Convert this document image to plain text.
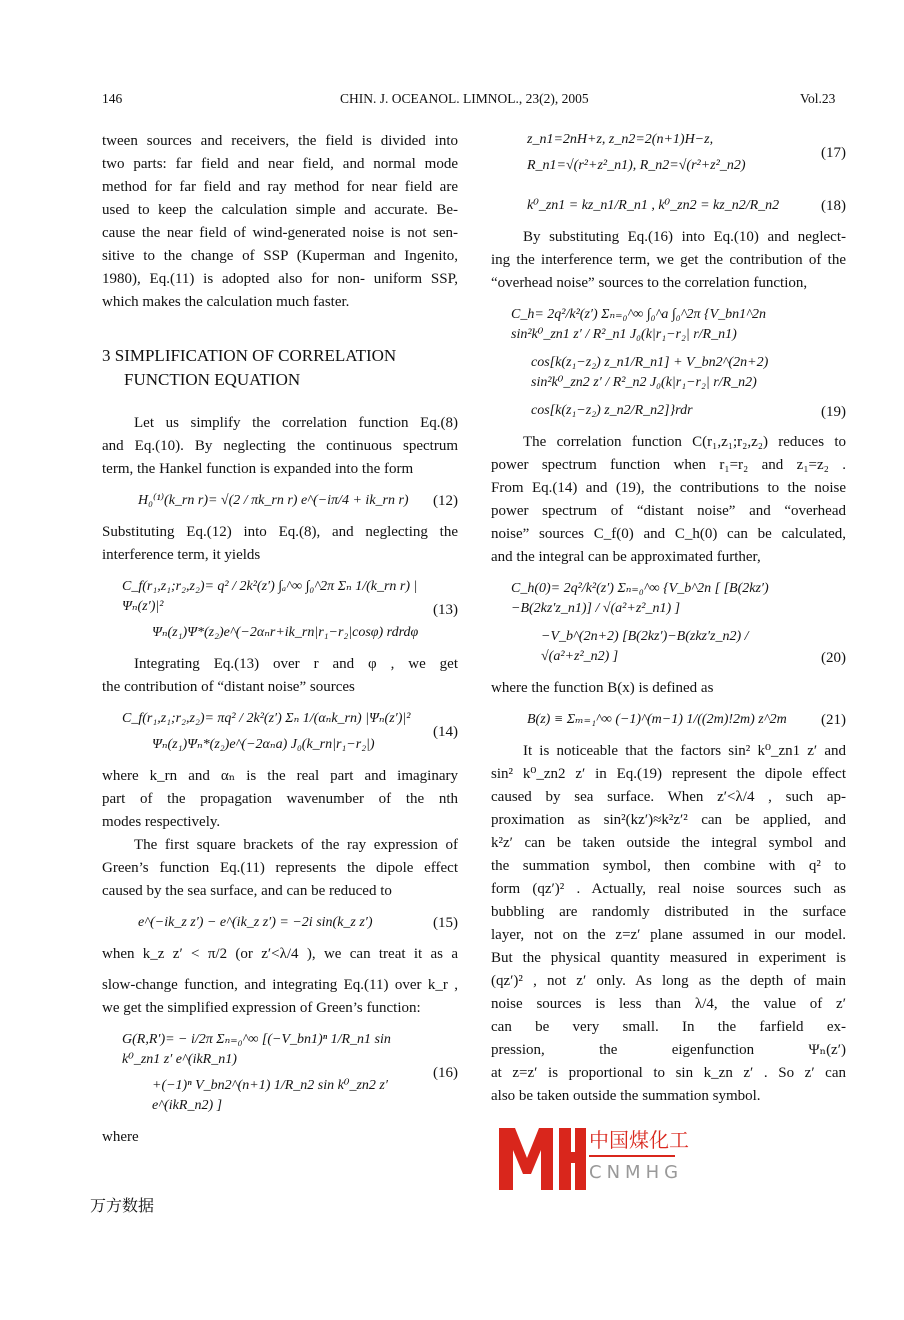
146	CHIN. J. OCEANOL. LIMNOL., 23(2), 2005	Vol.23
tween sources and receivers, the field is divided into
two parts: far field and near field, and normal mode
method for far field and ray method for near field are
used to keep the calculation simple and accurate. Be-
cause the near field of wind-generated noise is not sen-
sitive to the change of SSP (Kuperman and Ingenito,
1980), Eq.(11) is adopted also for non- uniform SSP,
which makes the calculation much faster.
3 SIMPLIFICATION OF CORRELATION
FUNCTION EQUATION
Let us simplify the correlation function Eq.(8)
and Eq.(10). By neglecting the continuous spectrum
term, the Hankel function is expanded into the form
H₀⁽¹⁾(k_rn r)= √(2 / πk_rn r) e^(−iπ/4 + ik_rn r)	(12)
Substituting Eq.(12) into Eq.(8), and neglecting the
interference term, it yields
C_f(r₁,z₁;r₂,z₂)= q² / 2k²(z′) ∫ₐ^∞ ∫₀^2π Σₙ 1/(k_rn r) |Ψₙ(z′)|²
Ψₙ(z₁)Ψ*(z₂)e^(−2αₙr+ik_rn|r₁−r₂|cosφ) rdrdφ
(13)
Integrating Eq.(13) over r and φ , we get
the contribution of “distant noise” sources
C_f(r₁,z₁;r₂,z₂)= πq² / 2k²(z′) Σₙ 1/(αₙk_rn) |Ψₙ(z′)|²
Ψₙ(z₁)Ψₙ*(z₂)e^(−2αₙa) J₀(k_rn|r₁−r₂|)
(14)
where k_rn and αₙ is the real part and imaginary
part of the propagation wavenumber of the nth
modes respectively.
The first square brackets of the ray expression of
Green’s function Eq.(11) represents the dipole effect
caused by the sea surface, and can be reduced to
e^(−ik_z z′) − e^(ik_z z′) = −2i sin(k_z z′)	(15)
when k_z z′ < π/2 (or z′<λ/4 ), we can treat it as a
slow-change function, and integrating Eq.(11) over k_r ,
we get the simplified expression of Green’s function:
G(R,R′)= − i/2π Σₙ₌₀^∞ [(−V_bn1)ⁿ 1/R_n1 sin k⁰_zn1 z′ e^(ikR_n1)
+(−1)ⁿ V_bn2^(n+1) 1/R_n2 sin k⁰_zn2 z′ e^(ikR_n2) ]
(16)
where
万方数据
z_n1=2nH+z, z_n2=2(n+1)H−z,
R_n1=√(r²+z²_n1), R_n2=√(r²+z²_n2)
(17)
k⁰_zn1 = kz_n1/R_n1 , k⁰_zn2 = kz_n2/R_n2	(18)
By substituting Eq.(16) into Eq.(10) and neglect-
ing the interference term, we get the contribution of the
“overhead noise” sources to the correlation function,
C_h= 2q²/k²(z′) Σₙ₌₀^∞ ∫₀^a ∫₀^2π {V_bn1^2n sin²k⁰_zn1 z′ / R²_n1 J₀(k|r₁−r₂| r/R_n1)
cos[k(z₁−z₂) z_n1/R_n1] + V_bn2^(2n+2) sin²k⁰_zn2 z′ / R²_n2 J₀(k|r₁−r₂| r/R_n2)
cos[k(z₁−z₂) z_n2/R_n2]}rdr	(19)
The correlation function C(r₁,z₁;r₂,z₂) reduces to
power spectrum function when r₁=r₂ and z₁=z₂ .
From Eq.(14) and (19), the contributions to the noise
power spectrum of “distant noise” and “overhead
noise” sources C_f(0) and C_h(0) can be calculated,
and the integral can be approximated further,
C_h(0)= 2q²/k²(z′) Σₙ₌₀^∞ {V_b^2n [ [B(2kz′)−B(2kz′z_n1)] / √(a²+z²_n1) ]
−V_b^(2n+2) [B(2kz′)−B(zkz′z_n2) / √(a²+z²_n2) ]	(20)
where the function B(x) is defined as
B(z) ≡ Σₘ₌₁^∞ (−1)^(m−1) 1/((2m)!2m) z^2m	(21)
It is noticeable that the factors sin² k⁰_zn1 z′ and
sin² k⁰_zn2 z′ in Eq.(19) represent the dipole effect
caused by sea surface. When z′<λ/4 , such ap-
proximation as sin²(kz′)≈k²z′² can be applied, and
k²z′ can be taken outside the integral symbol and
the summation symbol, then combine with q² to
form (qz′)² . Actually, real noise sources such as
bubbling are randomly distributed in the surface
layer, not on the z=z′ plane assumed in our model.
But the physical quantity measured in experiment is
(qz′)² , not z′ only. As long as the depth of main
noise sources is less than λ/4, the value of z′
can be very small. In the farfield ex-
pression, the eigenfunction Ψₙ(z′)
at z=z′ is proportional to sin k_zn z′ . So z′ can
also be taken outside the summation symbol.
中国煤化工
CNMHG
